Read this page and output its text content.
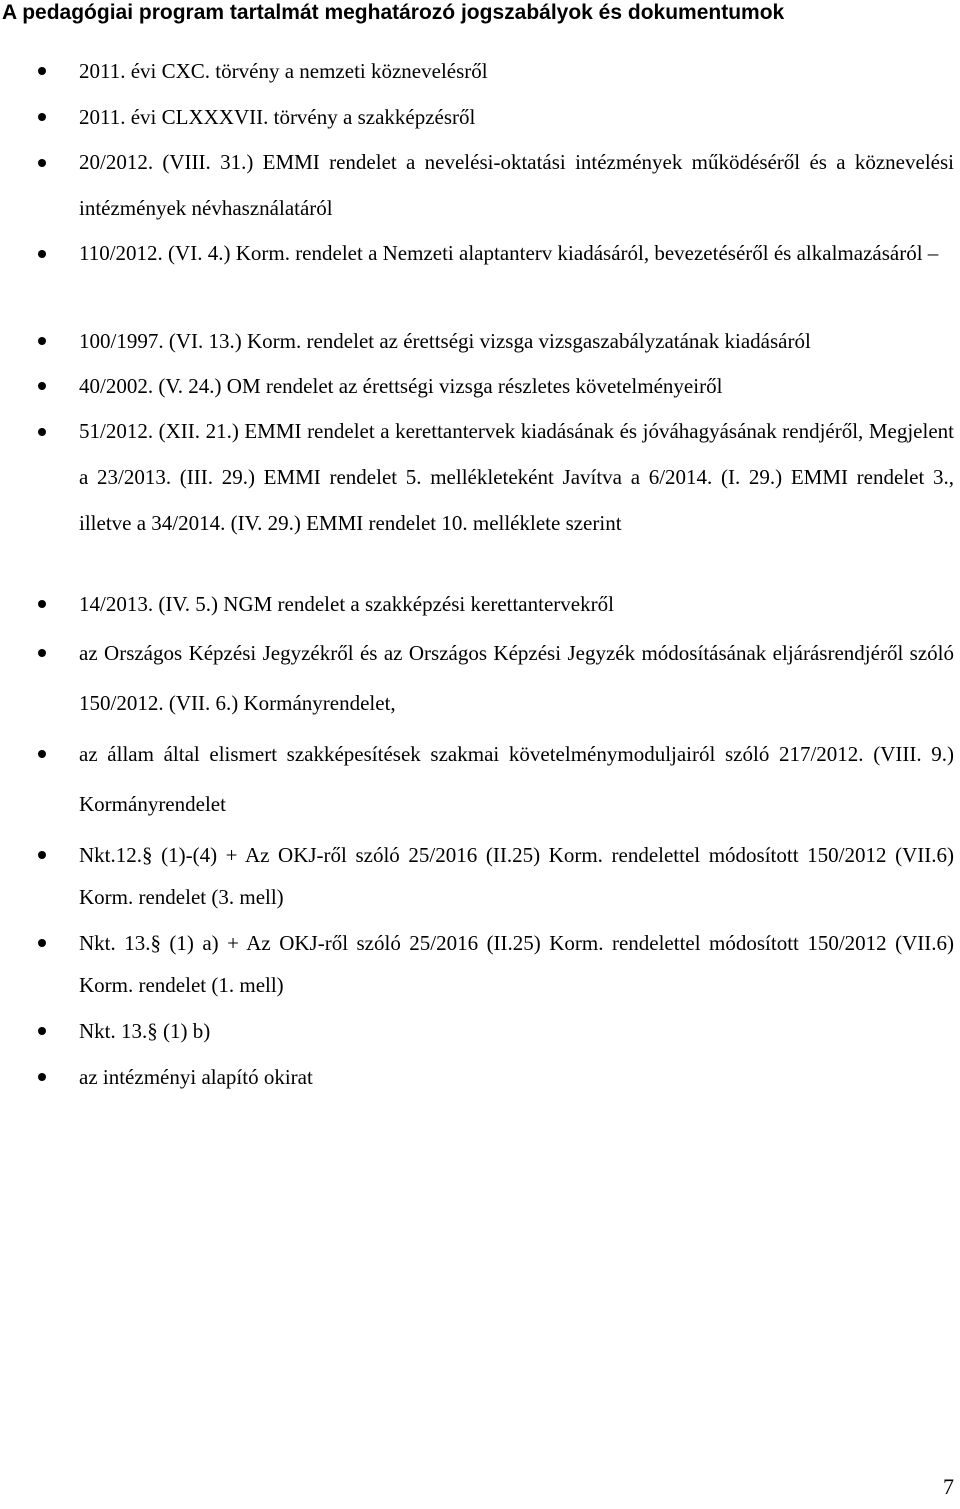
A pedagógiai program tartalmát meghatározó jogszabályok és dokumentumok

2011. évi CXC. törvény a nemzeti köznevelésről

2011. évi CLXXXVII. törvény a szakképzésről

20/2012. (VIII. 31.) EMMI rendelet a nevelési-oktatási intézmények működéséről és a köznevelési intézmények névhasználatáról

110/2012. (VI. 4.) Korm. rendelet a Nemzeti alaptanterv kiadásáról, bevezetéséről és alkalmazásáról –

100/1997. (VI. 13.) Korm. rendelet az érettségi vizsga vizsgaszabályzatának kiadásáról

40/2002. (V. 24.) OM rendelet az érettségi vizsga részletes követelményeiről

51/2012. (XII. 21.) EMMI rendelet a kerettantervek kiadásának és jóváhagyásának rendjéről, Megjelent a 23/2013. (III. 29.) EMMI rendelet 5. mellékleteként Javítva a 6/2014. (I. 29.) EMMI rendelet 3., illetve a 34/2014. (IV. 29.) EMMI rendelet 10. melléklete szerint

14/2013. (IV. 5.) NGM rendelet a szakképzési kerettantervekről

az Országos Képzési Jegyzékről és az Országos Képzési Jegyzék módosításának eljárásrendjéről szóló 150/2012. (VII. 6.) Kormányrendelet,

az állam által elismert szakképesítések szakmai követelménymoduljairól szóló 217/2012. (VIII. 9.) Kormányrendelet

Nkt.12.§ (1)-(4) + Az OKJ-ről szóló 25/2016 (II.25) Korm. rendelettel módosított 150/2012 (VII.6) Korm. rendelet (3. mell)

Nkt. 13.§ (1) a) + Az OKJ-ről szóló 25/2016 (II.25) Korm. rendelettel módosított 150/2012 (VII.6) Korm. rendelet (1. mell)

Nkt. 13.§ (1) b)

az intézményi alapító okirat

7
